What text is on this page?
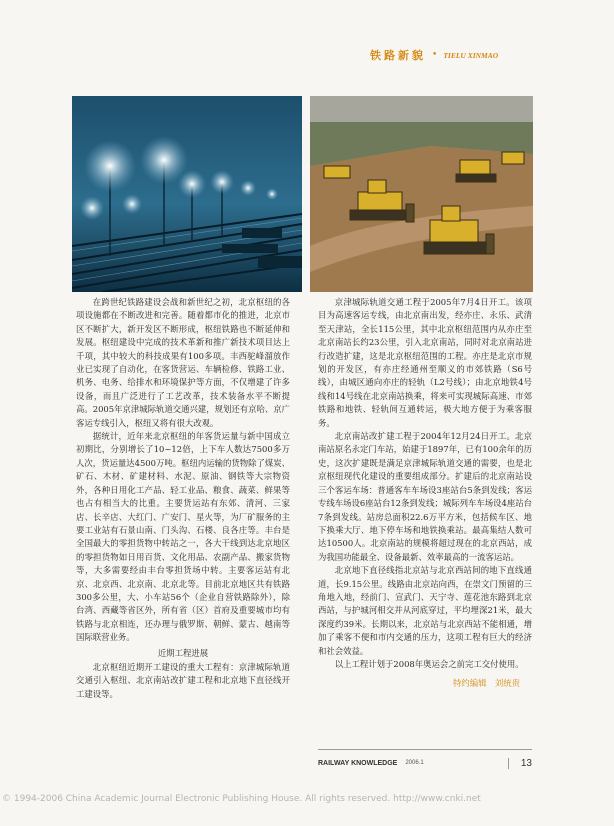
铁路新貌 • TIELU XINMAO

在跨世纪铁路建设会战和新世纪之初，北京枢纽的各项设施都在不断改进和完善。随着都市化的推进，北京市区不断扩大，新开发区不断形成，枢纽铁路也不断延伸和发展。枢纽建设中完成的技术革新和推广新技术项目达上千项，其中较大的科技成果有100多项。丰西驼峰溜放作业已实现了自动化，在客货营运、车辆检修、铁路工业、机务、电务、给排水和环境保护等方面，不仅增建了许多设备，而且广泛进行了工艺改革，技术装备水平不断提高。2005年京津城际轨道交通兴建，规划还有京哈、京广客运专线引入，枢纽又将有很大改观。

据统计，近年来北京枢纽的年客货运量与新中国成立初期比，分别增长了10~12倍，上下车人数达7500多万人次，货运量达4500万吨。枢纽内运输的货物除了煤炭、矿石、木材、矿建材料、水泥、原油、钢铁等大宗物资外，各种日用化工产品、轻工业品、粮食、蔬菜、鲜果等也占有相当大的比重。主要货运站有东郊、清河、三家店、长辛店、大红门、广安门、星火等，为厂矿服务的主要工业站有石景山南、门头沟、石楼、良各庄等。丰台是全国最大的零担货物中转站之一，各大干线到达北京地区的零担货物如日用百货、文化用品、农副产品、搬家货物等，大多需要经由丰台零担货场中转。主要客运站有北京、北京西、北京南、北京北等。目前北京地区共有铁路300多公里，大、小车站56个（企业自营铁路除外），除台湾、西藏等省区外，所有省（区）首府及重要城市均有铁路与北京相连，还办理与俄罗斯、朝鲜、蒙古、越南等国际联营业务。

近期工程进展

北京枢纽近期开工建设的重大工程有：京津城际轨道交通引入枢纽、北京南站改扩建工程和北京地下直径线开工建设等。

京津城际轨道交通工程于2005年7月4日开工。该项目为高速客运专线，由北京南出发，经亦庄、永乐、武清至天津站，全长115公里，其中北京枢纽范围内从亦庄至北京南站长约23公里，引入北京南站，同时对北京南站进行改造扩建，这是北京枢纽范围的工程。亦庄是北京市规划的开发区，有亦庄经通州至顺义的市郊铁路（S6号线），由城区通向亦庄的轻轨（L2号线）；由北京地铁4号线和14号线在北京南站换乘，将来可实现城际高速、市郊铁路和地铁、轻轨间互通转运，极大地方便于为乘客服务。

北京南站改扩建工程于2004年12月24日开工。北京南站原名永定门车站，始建于1897年，已有100余年的历史，这次扩建既是满足京津城际轨道交通的需要，也是北京枢纽现代化建设的重要组成部分。扩建后的北京南站设三个客运车场：普通客车车场设3座站台5条到发线；客运专线车场设6座站台12条到发线；城际列车车场设4座站台7条到发线。站房总面积22.6万平方米，包括候车区、地下换乘大厅、地下停车场和地铁换乘站。最高集结人数可达10500人。北京南站的规模将超过现在的北京西站，成为我国功能最全、设备最新、效率最高的一流客运站。

北京地下直径线指北京站与北京西站间的地下直线通道，长9.15公里。线路由北京站向西，在崇文门预留的三角地入地，经前门、宣武门、天宁寺、莲花池东路到北京西站，与护城河相交并从河底穿过，平均埋深21米，最大深度约39米。长期以来，北京站与北京西站不能相通，增加了乘客不便和市内交通的压力，这项工程有巨大的经济和社会效益。

以上工程计划于2008年奥运会之前完工交付使用。

特约编辑　刘统贵

RAILWAY KNOWLEDGE 2006.1	13
© 1994-2006 China Academic Journal Electronic Publishing House. All rights reserved. http://www.cnki.net
